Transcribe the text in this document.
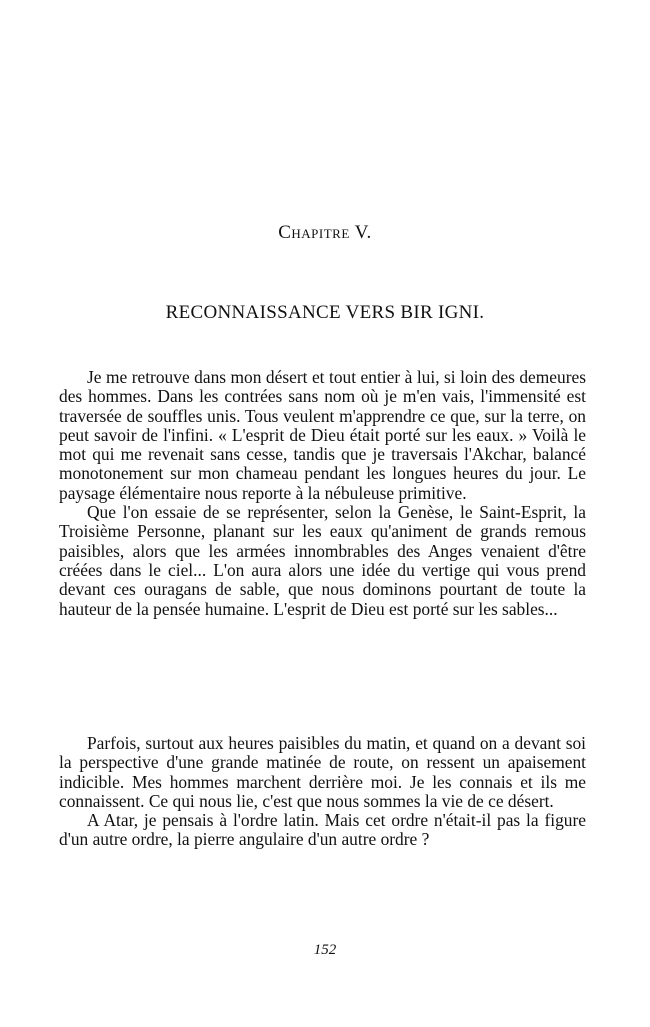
Chapitre V.
RECONNAISSANCE VERS BIR IGNI.

Je me retrouve dans mon désert et tout entier à lui, si loin des demeures des hommes. Dans les contrées sans nom où je m'en vais, l'immensité est traversée de souffles unis. Tous veulent m'apprendre ce que, sur la terre, on peut savoir de l'infini. « L'esprit de Dieu était porté sur les eaux. » Voilà le mot qui me revenait sans cesse, tandis que je traversais l'Akchar, balancé monotonement sur mon chameau pendant les longues heures du jour. Le paysage élémentaire nous reporte à la nébuleuse primitive.

Que l'on essaie de se représenter, selon la Genèse, le Saint-Esprit, la Troisième Personne, planant sur les eaux qu'animent de grands remous paisibles, alors que les armées innombrables des Anges venaient d'être créées dans le ciel... L'on aura alors une idée du vertige qui vous prend devant ces ouragans de sable, que nous dominons pourtant de toute la hauteur de la pensée humaine. L'esprit de Dieu est porté sur les sables...

Parfois, surtout aux heures paisibles du matin, et quand on a devant soi la perspective d'une grande matinée de route, on ressent un apaisement indicible. Mes hommes marchent derrière moi. Je les connais et ils me connaissent. Ce qui nous lie, c'est que nous sommes la vie de ce désert.

A Atar, je pensais à l'ordre latin. Mais cet ordre n'était-il pas la figure d'un autre ordre, la pierre angulaire d'un autre ordre ?

152
